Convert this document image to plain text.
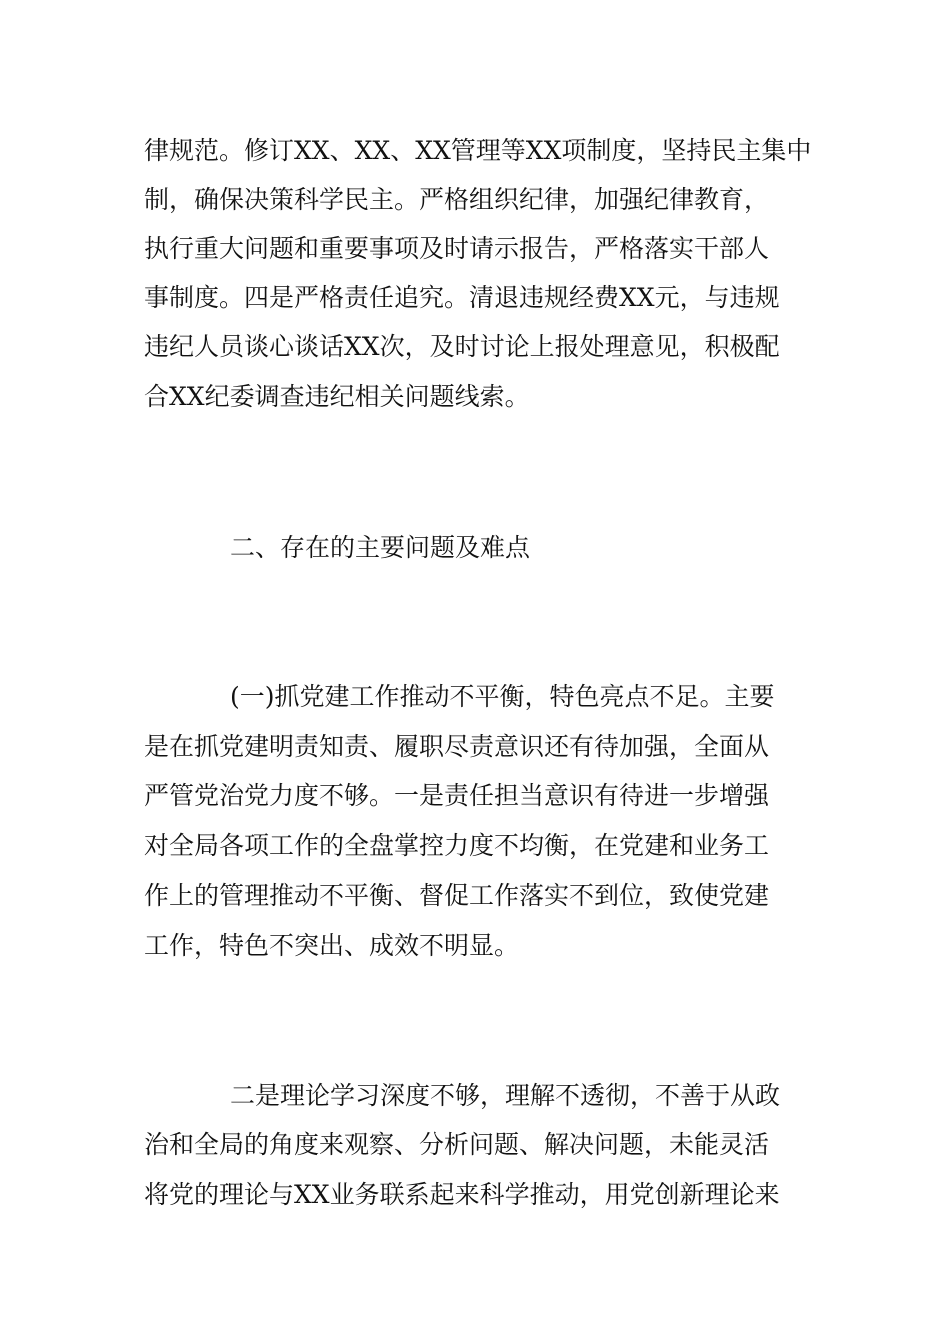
律规范。修订XX、XX、XX管理等XX项制度，坚持民主集中
制，确保决策科学民主。严格组织纪律，加强纪律教育，
执行重大问题和重要事项及时请示报告，严格落实干部人
事制度。四是严格责任追究。清退违规经费XX元，与违规
违纪人员谈心谈话XX次，及时讨论上报处理意见，积极配
合XX纪委调查违纪相关问题线索。
二、存在的主要问题及难点
(一)抓党建工作推动不平衡，特色亮点不足。主要
是在抓党建明责知责、履职尽责意识还有待加强，全面从
严管党治党力度不够。一是责任担当意识有待进一步增强
对全局各项工作的全盘掌控力度不均衡，在党建和业务工
作上的管理推动不平衡、督促工作落实不到位，致使党建
工作，特色不突出、成效不明显。
二是理论学习深度不够，理解不透彻，不善于从政
治和全局的角度来观察、分析问题、解决问题，未能灵活
将党的理论与XX业务联系起来科学推动，用党创新理论来
